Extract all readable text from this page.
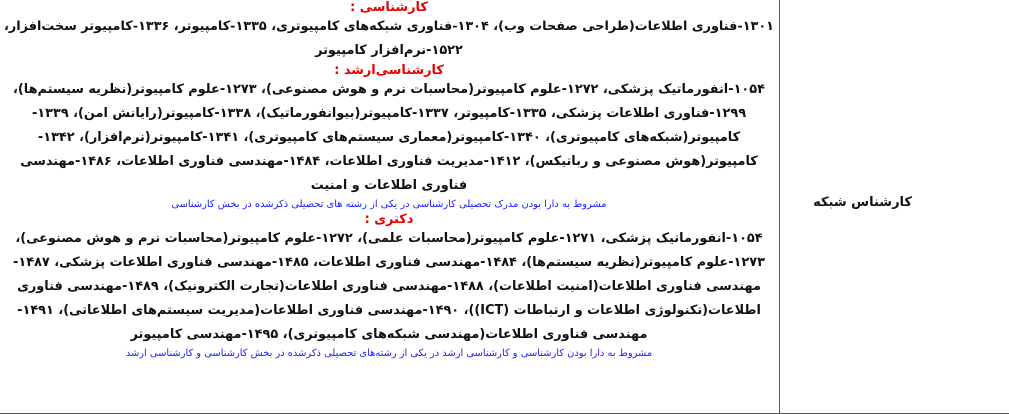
کارشناسی :
۱۳۰۱-فناوری اطلاعات(طراحی صفحات وب)، ۱۳۰۴-فناوری شبکه‌های کامپیوتری، ۱۳۳۵-کامپیوتر، ۱۳۳۶-کامپیوتر سخت‌افزار،
۱۵۲۲-نرم‌افزار کامپیوتر
کارشناسی‌ارشد :
۱۰۵۴-انفورماتیک پزشکی، ۱۲۷۲-علوم کامپیوتر(محاسبات نرم و هوش مصنوعی)، ۱۲۷۳-علوم کامپیوتر(نظریه سیستم‌ها)،
۱۲۹۹-فناوری اطلاعات پزشکی، ۱۳۳۵-کامپیوتر، ۱۳۳۷-کامپیوتر(بیوانفورماتیک)، ۱۳۳۸-کامپیوتر(رایانش امن)، ۱۳۳۹-
کامپیوتر(شبکه‌های کامپیوتری)، ۱۳۴۰-کامپیوتر(معماری سیستم‌های کامپیوتری)، ۱۳۴۱-کامپیوتر(نرم‌افزار)، ۱۳۴۲-
کامپیوتر(هوش مصنوعی و رباتیکس)، ۱۴۱۲-مدیریت فناوری اطلاعات، ۱۴۸۴-مهندسی فناوری اطلاعات، ۱۴۸۶-مهندسی
فناوری اطلاعات و امنیت
مشروط به دارا بودن مدرک تحصیلی کارشناسی در یکی از رشته های تحصیلی ذکرشده در بخش کارشناسی
دکتری :
۱۰۵۴-انفورماتیک پزشکی، ۱۲۷۱-علوم کامپیوتر(محاسبات علمی)، ۱۲۷۲-علوم کامپیوتر(محاسبات نرم و هوش مصنوعی)،
۱۲۷۳-علوم کامپیوتر(نظریه سیستم‌ها)، ۱۴۸۴-مهندسی فناوری اطلاعات، ۱۴۸۵-مهندسی فناوری اطلاعات پزشکی، ۱۴۸۷-
مهندسی فناوری اطلاعات(امنیت اطلاعات)، ۱۴۸۸-مهندسی فناوری اطلاعات(تجارت الکترونیک)، ۱۴۸۹-مهندسی فناوری
اطلاعات(تکنولوژی اطلاعات و ارتباطات (ICT))، ۱۴۹۰-مهندسی فناوری اطلاعات(مدیریت سیستم‌های اطلاعاتی)، ۱۴۹۱-
مهندسی فناوری اطلاعات(مهندسی شبکه‌های کامپیوتری)، ۱۴۹۵-مهندسی کامپیوتر
مشروط به دارا بودن کارشناسی و کارشناسی ارشد در یکی از رشته‌های تحصیلی ذکرشده در بخش کارشناسی و کارشناسی ارشد
کارشناس شبکه
